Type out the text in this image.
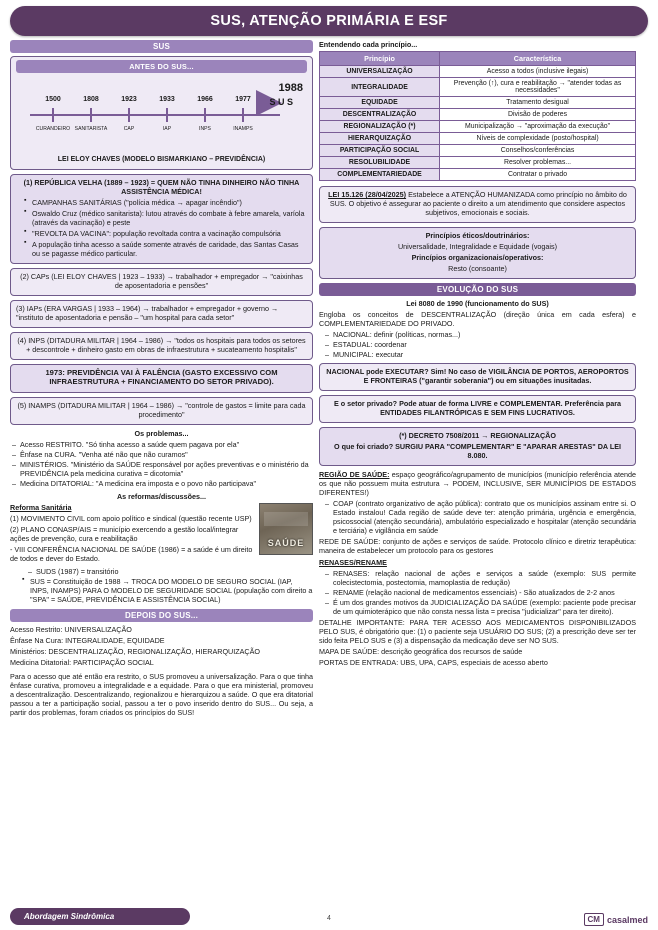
SUS, ATENÇÃO PRIMÁRIA E ESF
SUS
ANTES DO SUS...
1500	1808	1923	1933	1966	1977
CURANDEIRO SANITARISTA	CAP	IAP	INPS	INAMPS
1988
S U S
LEI ELOY CHAVES (MODELO BISMARKIANO – PREVIDÊNCIA)

(1) REPÚBLICA VELHA (1889 – 1923) = QUEM NÃO TINHA DINHEIRO NÃO TINHA ASSISTÊNCIA MÉDICA!

▪ CAMPANHAS SANITÁRIAS ("polícia médica → apagar incêndio")
▪ Oswaldo Cruz (médico sanitarista): lutou através do combate à febre amarela, varíola (através da vacinação) e peste
▪ "REVOLTA DA VACINA": população revoltada contra a vacinação compulsória
▪ A população tinha acesso a saúde somente através de caridade, das Santas Casas ou se pagasse médico particular.

(2) CAPs (LEI ELOY CHAVES | 1923 – 1933) → trabalhador + empregador → "caixinhas de aposentadoria e pensões"

(3) IAPs (ERA VARGAS | 1933 – 1964) → trabalhador + empregador + governo → "instituto de aposentadoria e pensão – "um hospital para cada setor"

(4) INPS (DITADURA MILITAR | 1964 – 1986) → "todos os hospitais para todos os setores + descontrole + dinheiro gasto em obras de infraestrutura + sucateamento hospitalis"

1973: PREVIDÊNCIA VAI À FALÊNCIA (GASTO EXCESSIVO COM INFRAESTRUTURA + FINANCIAMENTO DO SETOR PRIVADO).

(5) INAMPS (DITADURA MILITAR | 1964 – 1986) → "controle de gastos = limite para cada procedimento"

Os problemas...

– Acesso RESTRITO. "Só tinha acesso a saúde quem pagava por ela"
– Ênfase na CURA. "Venha até não que não curamos"
– MINISTÉRIOS. "Ministério da SAÚDE responsável por ações preventivas e o ministério da PREVIDÊNCIA pela medicina curativa = dicotomia"
– Medicina DITATORIAL: "A medicina era imposta e o povo não participava"

As reformas/discussões...

SAÚDE

Reforma Sanitária

(1) MOVIMENTO CIVIL com apoio político e sindical (questão recente USP)

(2) PLANO CONASP/AIS = município exercendo a gestão local/integrar ações de prevenção, cura e reabilitação

- VIII CONFERÊNCIA NACIONAL DE SAÚDE (1986) = a saúde é um direito de todos e dever do Estado.

– SUDS (1987) = transitório
▪ SUS = Constituição de 1988 → TROCA DO MODELO DE SEGURO SOCIAL (IAP, INPS, INAMPS) PARA O MODELO DE SEGURIDADE SOCIAL (população com direito a "SPA" = SAÚDE, PREVIDÊNCIA E ASSISTÊNCIA SOCIAL)
DEPOIS DO SUS...

Acesso Restrito: UNIVERSALIZAÇÃO

Ênfase Na Cura: INTEGRALIDADE, EQUIDADE

Ministérios: DESCENTRALIZAÇÃO, REGIONALIZAÇÃO, HIERARQUIZAÇÃO

Medicina Ditatorial: PARTICIPAÇÃO SOCIAL

Para o acesso que até então era restrito, o SUS promoveu a universalização. Para o que tinha ênfase curativa, promoveu a integralidade e a equidade. Para o que era ministerial, promoveu a descentralização. Descentralizando, regionalizou e hierarquizou a saúde. O que era ditatorial passou a ter a participação social, passou a ter o povo inserido dentro do SUS... Ou seja, a partir dos problemas, foram criados os princípios do SUS!

Entendendo cada princípio...

Princípio	Característica
UNIVERSALIZAÇÃO	Acesso a todos (inclusive ilegais)
INTEGRALIDADE	Prevenção (↑), cura e reabilitação → "atender todas as necessidades"
EQUIDADE	Tratamento desigual
DESCENTRALIZAÇÃO	Divisão de poderes
REGIONALIZAÇÃO (*)	Municipalização → "aproximação da execução"
HIERARQUIZAÇÃO	Níveis de complexidade (posto/hospital)
PARTICIPAÇÃO SOCIAL	Conselhos/conferências
RESOLUBILIDADE	Resolver problemas...
COMPLEMENTARIEDADE	Contratar o privado

LEI 15.126 (28/04/2025) Estabelece a ATENÇÃO HUMANIZADA como princípio no âmbito do SUS. O objetivo é assegurar ao paciente o direito a um atendimento que considere aspectos subjetivos, emocionais e sociais.

Princípios éticos/doutrinários:

Universalidade, Integralidade e Equidade (vogais)

Princípios organizacionais/operativos:

Resto (consoante)

EVOLUÇÃO DO SUS

Lei 8080 de 1990 (funcionamento do SUS)

Engloba os conceitos de DESCENTRALIZAÇÃO (direção única em cada esfera) e COMPLEMENTARIEDADE DO PRIVADO.

– NACIONAL: definir (políticas, normas...)
– ESTADUAL: coordenar
– MUNICIPAL: executar

NACIONAL pode EXECUTAR? Sim! No caso de VIGILÂNCIA DE PORTOS, AEROPORTOS E FRONTEIRAS ("garantir soberania") ou em situações inusitadas.

E o setor privado? Pode atuar de forma LIVRE e COMPLEMENTAR. Preferência para ENTIDADES FILANTRÓPICAS E SEM FINS LUCRATIVOS.

(*) DECRETO 7508/2011 → REGIONALIZAÇÃO

O que foi criado? SURGIU PARA "COMPLEMENTAR" E "APARAR ARESTAS" DA LEI 8.080.

REGIÃO DE SAÚDE: espaço geográfico/agrupamento de municípios (município referência atende os que não possuem muita estrutura → PODEM, INCLUSIVE, SER MUNICÍPIOS DE ESTADOS DIFERENTES!)

– COAP (contrato organizativo de ação pública): contrato que os municípios assinam entre si. O Estado instalou! Cada região de saúde deve ter: atenção primária, urgência e emergência, psicossocial (atenção secundária), ambulatório especializado e hospitalar (atenção secundária e terciária) e vigilância em saúde

REDE DE SAÚDE: conjunto de ações e serviços de saúde. Protocolo clínico e diretriz terapêutica: maneira de estabelecer um protocolo para os gestores

RENASES/RENAME

– RENASES: relação nacional de ações e serviços a saúde (exemplo: SUS permite colecistectomia, postectomia, mamoplastia de redução)
– RENAME (relação nacional de medicamentos essenciais) - São atualizados de 2-2 anos
– É um dos grandes motivos da JUDICIALIZAÇÃO DA SAÚDE (exemplo: paciente pode precisar de um quimioterápico que não consta nessa lista = precisa "judicializar" para ter direito).

DETALHE IMPORTANTE: PARA TER ACESSO AOS MEDICAMENTOS DISPONIBILIZADOS PELO SUS, é obrigatório que: (1) o paciente seja USUÁRIO DO SUS; (2) a prescrição deve ser ter sido feita PELO SUS e (3) a dispensação da medicação deve ser NO SUS.

MAPA DE SAÚDE: descrição geográfica dos recursos de saúde

PORTAS DE ENTRADA: UBS, UPA, CAPS, especiais de acesso aberto

Abordagem Sindrômica	4	CM casalmed
